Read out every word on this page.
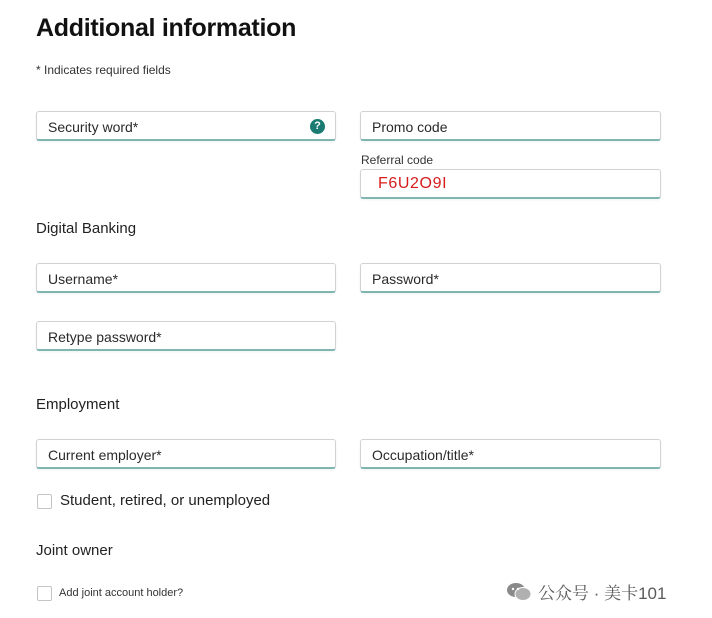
Additional information
* Indicates required fields
Security word*	?	Promo code
Referral code
F6U2O9I
Digital Banking
Username*	Password*
Retype password*
Employment
Current employer*	Occupation/title*
Student, retired, or unemployed
Joint owner
Add joint account holder?	公众号 · 美卡101
